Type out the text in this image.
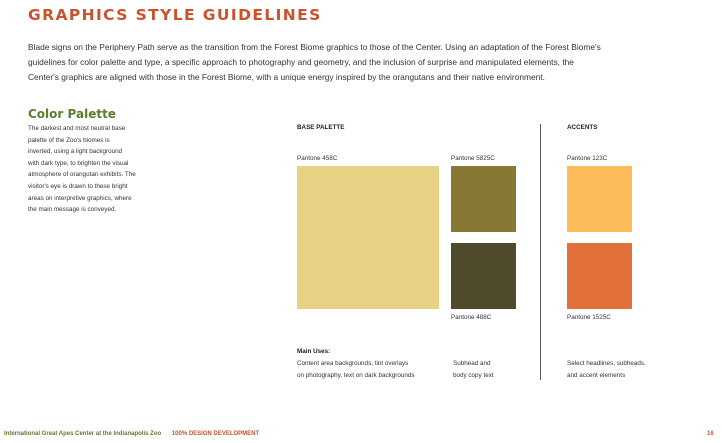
GRAPHICS STYLE GUIDELINES
Blade signs on the Periphery Path serve as the transition from the Forest Biome graphics to those of the Center. Using an adaptation of the Forest Biome's
guidelines for color palette and type, a specific approach to photography and geometry, and the inclusion of surprise and manipulated elements, the
Center's graphics are aligned with those in the Forest Biome, with a unique energy inspired by the orangutans and their native environment.
Color Palette
The darkest and most neutral base
palette of the Zoo's biomes is
inverted, using a light background
with dark type, to brighten the visual
atmosphere of orangutan exhibits. The
visitor's eye is drawn to these bright
areas on interpretive graphics, where
the main message is conveyed.
BASE PALETTE
Pantone 458C	Pantone 5825C
Pantone 488C
ACCENTS
Pantone 123C
Pantone 1525C
Main Uses:
Content area backgrounds, tint overlays
on photography, text on dark backgrounds
Subhead and
body copy text
Select headlines, subheads,
and accent elements
International Great Apes Center at the Indianapolis Zoo 100% DESIGN DEVELOPMENT	16
